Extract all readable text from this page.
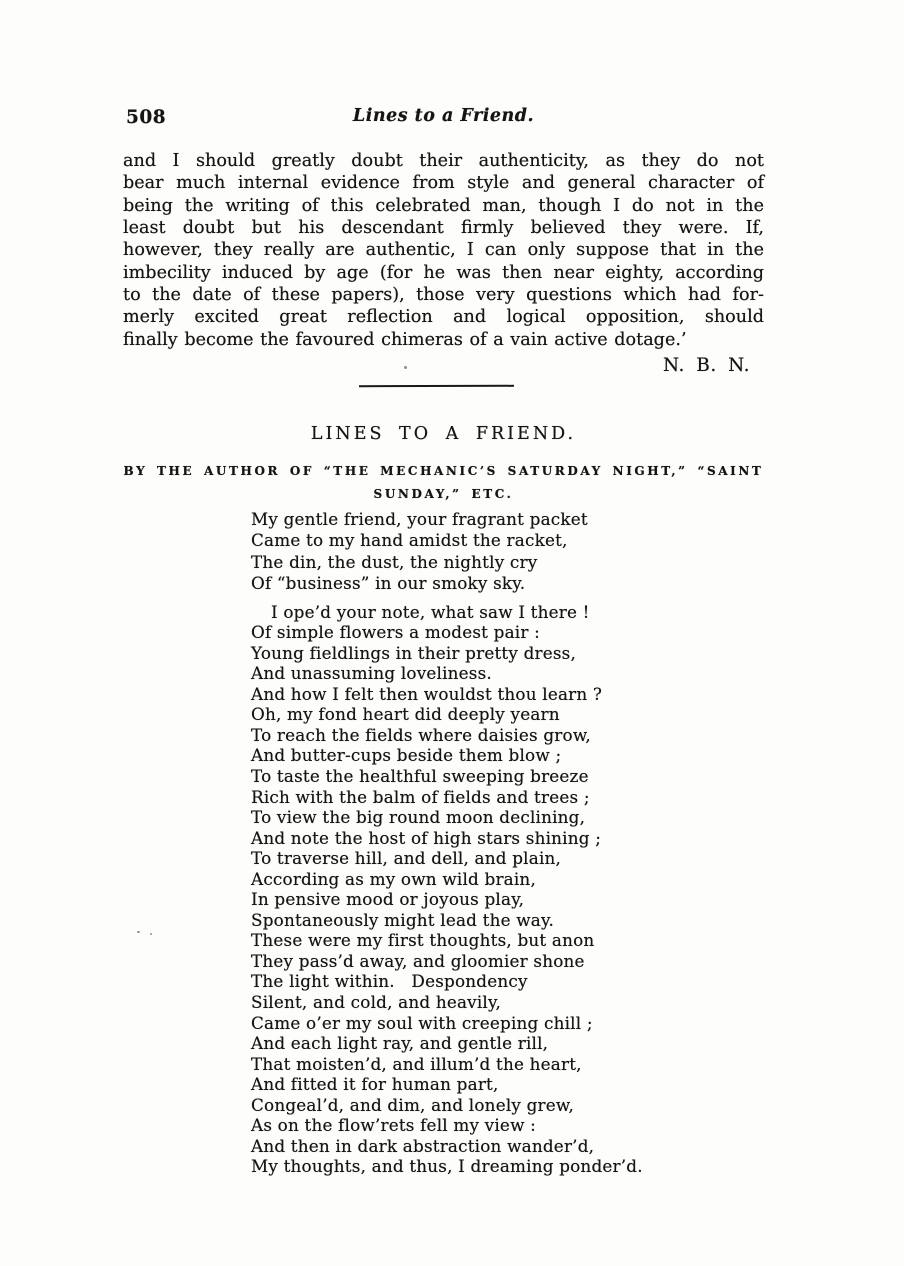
508	Lines to a Friend.
and I should greatly doubt their authenticity, as they do not
bear much internal evidence from style and general character of
being the writing of this celebrated man, though I do not in the
least doubt but his descendant firmly believed they were. If,
however, they really are authentic, I can only suppose that in the
imbecility induced by age (for he was then near eighty, according
to the date of these papers), those very questions which had for-
merly excited great reflection and logical opposition, should
finally become the favoured chimeras of a vain active dotage.’
N. B. N.
LINES TO A FRIEND.
BY THE AUTHOR OF “THE MECHANIC’S SATURDAY NIGHT,” “SAINT
SUNDAY,” ETC.
My gentle friend, your fragrant packet
Came to my hand amidst the racket,
The din, the dust, the nightly cry
Of “business” in our smoky sky.
I ope’d your note, what saw I there !
Of simple flowers a modest pair :
Young fieldlings in their pretty dress,
And unassuming loveliness.
And how I felt then wouldst thou learn ?
Oh, my fond heart did deeply yearn
To reach the fields where daisies grow,
And butter-cups beside them blow ;
To taste the healthful sweeping breeze
Rich with the balm of fields and trees ;
To view the big round moon declining,
And note the host of high stars shining ;
To traverse hill, and dell, and plain,
According as my own wild brain,
In pensive mood or joyous play,
Spontaneously might lead the way.
These were my first thoughts, but anon
They pass’d away, and gloomier shone
The light within.   Despondency
Silent, and cold, and heavily,
Came o’er my soul with creeping chill ;
And each light ray, and gentle rill,
That moisten’d, and illum’d the heart,
And fitted it for human part,
Congeal’d, and dim, and lonely grew,
As on the flow’rets fell my view :
And then in dark abstraction wander’d,
My thoughts, and thus, I dreaming ponder’d.
